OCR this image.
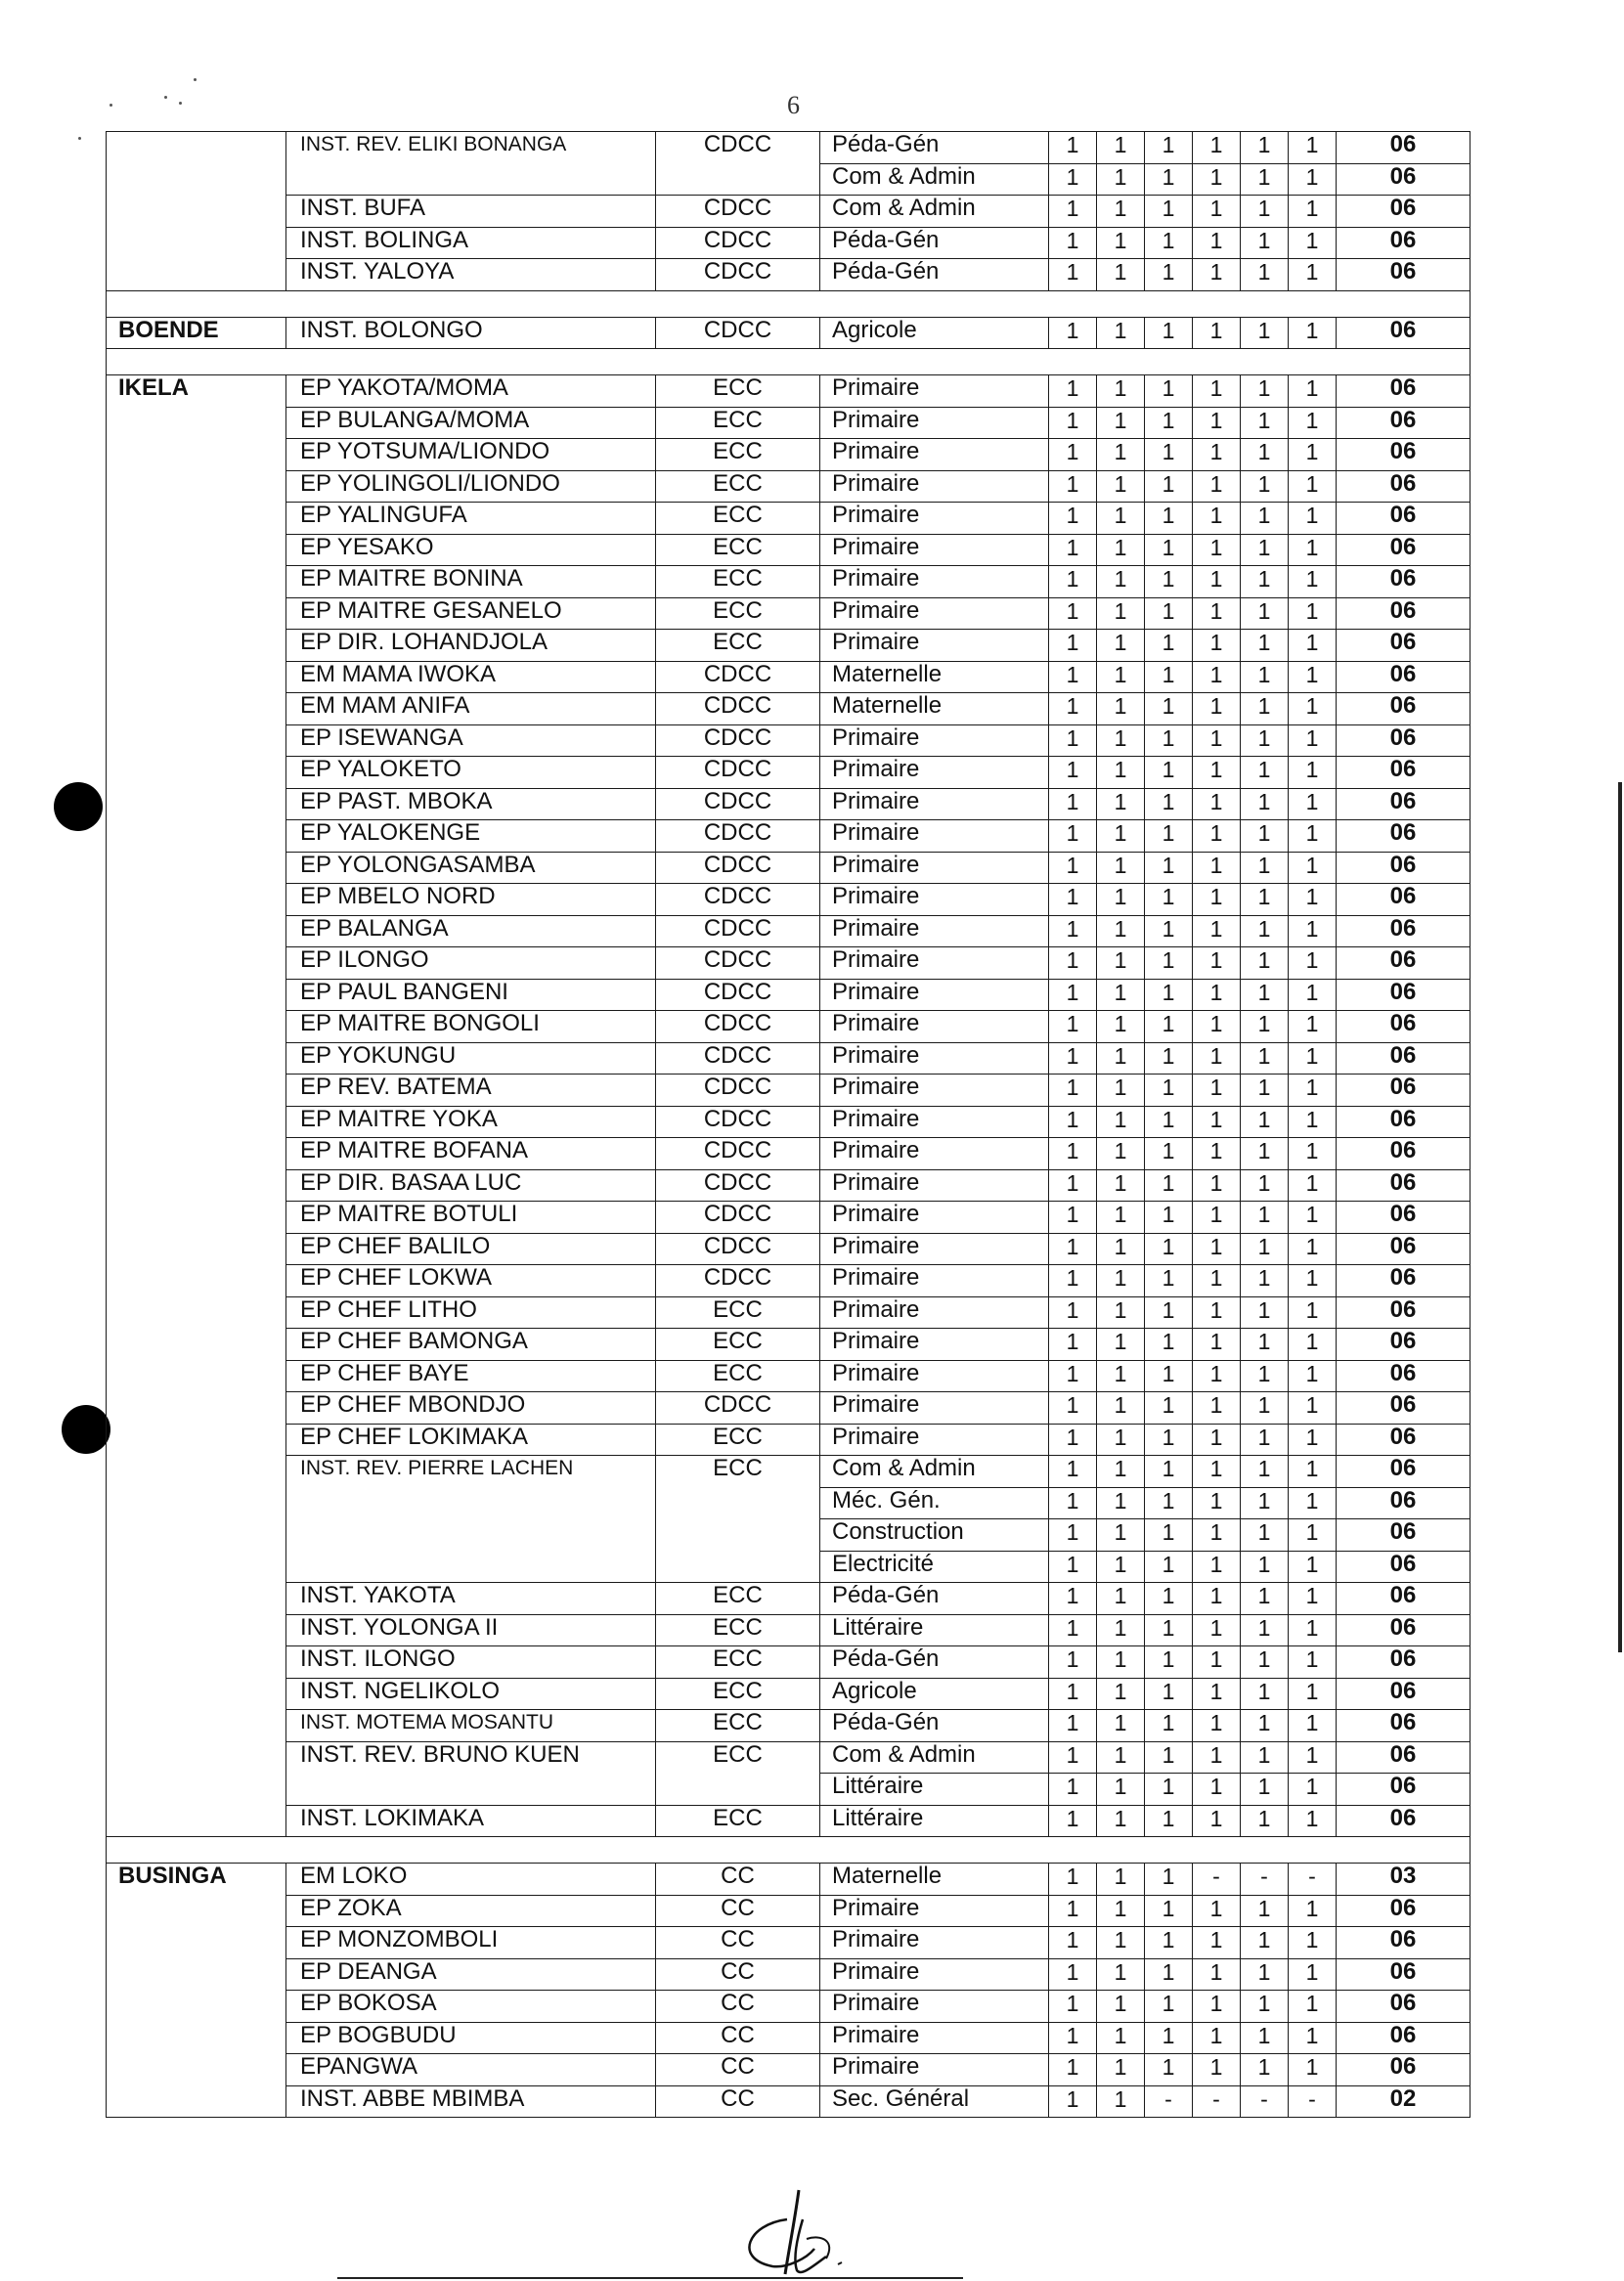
6
	INST. REV. ELIKI BONANGA	CDCC	Péda-Gén	1	1	1	1	1	1	06
			Com & Admin	1	1	1	1	1	1	06
	INST. BUFA	CDCC	Com & Admin	1	1	1	1	1	1	06
	INST. BOLINGA	CDCC	Péda-Gén	1	1	1	1	1	1	06
	INST. YALOYA	CDCC	Péda-Gén	1	1	1	1	1	1	06

BOENDE	INST. BOLONGO	CDCC	Agricole	1	1	1	1	1	1	06

IKELA	EP YAKOTA/MOMA	ECC	Primaire	1	1	1	1	1	1	06
	EP BULANGA/MOMA	ECC	Primaire	1	1	1	1	1	1	06
	EP YOTSUMA/LIONDO	ECC	Primaire	1	1	1	1	1	1	06
	EP YOLINGOLI/LIONDO	ECC	Primaire	1	1	1	1	1	1	06
	EP YALINGUFA	ECC	Primaire	1	1	1	1	1	1	06
	EP YESAKO	ECC	Primaire	1	1	1	1	1	1	06
	EP MAITRE BONINA	ECC	Primaire	1	1	1	1	1	1	06
	EP MAITRE GESANELO	ECC	Primaire	1	1	1	1	1	1	06
	EP DIR. LOHANDJOLA	ECC	Primaire	1	1	1	1	1	1	06
	EM MAMA IWOKA	CDCC	Maternelle	1	1	1	1	1	1	06
	EM MAM ANIFA	CDCC	Maternelle	1	1	1	1	1	1	06
	EP ISEWANGA	CDCC	Primaire	1	1	1	1	1	1	06
	EP YALOKETO	CDCC	Primaire	1	1	1	1	1	1	06
	EP PAST. MBOKA	CDCC	Primaire	1	1	1	1	1	1	06
	EP YALOKENGE	CDCC	Primaire	1	1	1	1	1	1	06
	EP YOLONGASAMBA	CDCC	Primaire	1	1	1	1	1	1	06
	EP MBELO NORD	CDCC	Primaire	1	1	1	1	1	1	06
	EP BALANGA	CDCC	Primaire	1	1	1	1	1	1	06
	EP ILONGO	CDCC	Primaire	1	1	1	1	1	1	06
	EP PAUL BANGENI	CDCC	Primaire	1	1	1	1	1	1	06
	EP MAITRE BONGOLI	CDCC	Primaire	1	1	1	1	1	1	06
	EP YOKUNGU	CDCC	Primaire	1	1	1	1	1	1	06
	EP REV. BATEMA	CDCC	Primaire	1	1	1	1	1	1	06
	EP MAITRE YOKA	CDCC	Primaire	1	1	1	1	1	1	06
	EP MAITRE BOFANA	CDCC	Primaire	1	1	1	1	1	1	06
	EP DIR. BASAA LUC	CDCC	Primaire	1	1	1	1	1	1	06
	EP MAITRE BOTULI	CDCC	Primaire	1	1	1	1	1	1	06
	EP CHEF BALILO	CDCC	Primaire	1	1	1	1	1	1	06
	EP CHEF LOKWA	CDCC	Primaire	1	1	1	1	1	1	06
	EP CHEF LITHO	ECC	Primaire	1	1	1	1	1	1	06
	EP CHEF BAMONGA	ECC	Primaire	1	1	1	1	1	1	06
	EP CHEF BAYE	ECC	Primaire	1	1	1	1	1	1	06
	EP CHEF MBONDJO	CDCC	Primaire	1	1	1	1	1	1	06
	EP CHEF LOKIMAKA	ECC	Primaire	1	1	1	1	1	1	06
	INST. REV. PIERRE LACHEN	ECC	Com & Admin	1	1	1	1	1	1	06
			Méc. Gén.	1	1	1	1	1	1	06
			Construction	1	1	1	1	1	1	06
			Electricité	1	1	1	1	1	1	06
	INST. YAKOTA	ECC	Péda-Gén	1	1	1	1	1	1	06
	INST. YOLONGA II	ECC	Littéraire	1	1	1	1	1	1	06
	INST. ILONGO	ECC	Péda-Gén	1	1	1	1	1	1	06
	INST. NGELIKOLO	ECC	Agricole	1	1	1	1	1	1	06
	INST. MOTEMA MOSANTU	ECC	Péda-Gén	1	1	1	1	1	1	06
	INST. REV. BRUNO KUEN	ECC	Com & Admin	1	1	1	1	1	1	06
			Littéraire	1	1	1	1	1	1	06
	INST. LOKIMAKA	ECC	Littéraire	1	1	1	1	1	1	06

BUSINGA	EM LOKO	CC	Maternelle	1	1	1	-	-	-	03
	EP ZOKA	CC	Primaire	1	1	1	1	1	1	06
	EP MONZOMBOLI	CC	Primaire	1	1	1	1	1	1	06
	EP DEANGA	CC	Primaire	1	1	1	1	1	1	06
	EP BOKOSA	CC	Primaire	1	1	1	1	1	1	06
	EP BOGBUDU	CC	Primaire	1	1	1	1	1	1	06
	EPANGWA	CC	Primaire	1	1	1	1	1	1	06
	INST. ABBE MBIMBA	CC	Sec. Général	1	1	-	-	-	-	02
